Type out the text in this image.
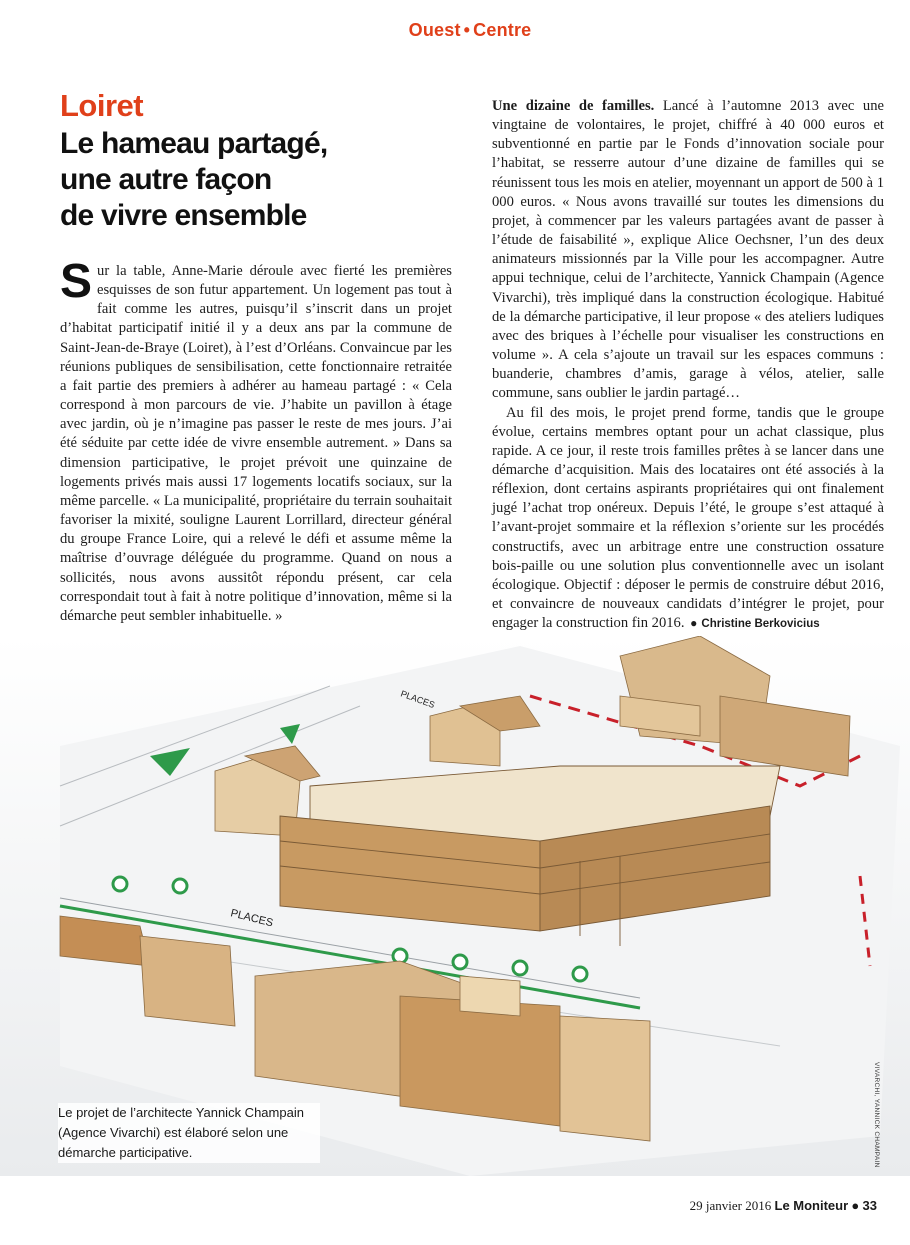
Ouest • Centre
Loiret
Le hameau partagé,
une autre façon
de vivre ensemble

Sur la table, Anne-Marie déroule avec fierté les premières esquisses de son futur appartement. Un logement pas tout à fait comme les autres, puisqu’il s’inscrit dans un projet d’habitat participatif initié il y a deux ans par la commune de Saint-Jean-de-Braye (Loiret), à l’est d’Orléans. Convaincue par les réunions publiques de sensibilisation, cette fonctionnaire retraitée a fait partie des premiers à adhérer au hameau partagé : « Cela correspond à mon parcours de vie. J’habite un pavillon à étage avec jardin, où je n’imagine pas passer le reste de mes jours. J’ai été séduite par cette idée de vivre ensemble autrement. » Dans sa dimension participative, le projet prévoit une quinzaine de logements privés mais aussi 17 logements locatifs sociaux, sur la même parcelle. « La municipalité, propriétaire du terrain souhaitait favoriser la mixité, souligne Laurent Lorrillard, directeur général du groupe France Loire, qui a relevé le défi et assume même la maîtrise d’ouvrage déléguée du programme. Quand on nous a sollicités, nous avons aussitôt répondu présent, car cela correspondait tout à fait à notre politique d’innovation, même si la démarche peut sembler inhabituelle. »

Une dizaine de familles. Lancé à l’automne 2013 avec une vingtaine de volontaires, le projet, chiffré à 40 000 euros et subventionné en partie par le Fonds d’innovation sociale pour l’habitat, se resserre autour d’une dizaine de familles qui se réunissent tous les mois en atelier, moyennant un apport de 500 à 1 000 euros. « Nous avons travaillé sur toutes les dimensions du projet, à commencer par les valeurs partagées avant de passer à l’étude de faisabilité », explique Alice Oechsner, l’un des deux animateurs missionnés par la Ville pour les accompagner. Autre appui technique, celui de l’architecte, Yannick Champain (Agence Vivarchi), très impliqué dans la construction écologique. Habitué de la démarche participative, il leur propose « des ateliers ludiques avec des briques à l’échelle pour visualiser les constructions en volume ». A cela s’ajoute un travail sur les espaces communs : buanderie, chambres d’amis, garage à vélos, atelier, salle commune, sans oublier le jardin partagé…

Au fil des mois, le projet prend forme, tandis que le groupe évolue, certains membres optant pour un achat classique, plus rapide. A ce jour, il reste trois familles prêtes à se lancer dans une démarche d’acquisition. Mais des locataires ont été associés à la réflexion, dont certains aspirants propriétaires qui ont finalement jugé l’achat trop onéreux. Depuis l’été, le groupe s’est attaqué à l’avant-projet sommaire et la réflexion s’oriente sur les procédés constructifs, avec un arbitrage entre une construction ossature bois-paille ou une solution plus conventionnelle avec un isolant écologique. Objectif : déposer le permis de construire début 2016, et convaincre de nouveaux candidats d’intégrer le projet, pour engager la construction fin 2016. ● Christine Berkovicius

PLACES
PLACES
Le projet de l’architecte Yannick Champain (Agence Vivarchi) est élaboré selon une démarche participative.	VIVARCHI, YANNICK CHAMPAIN
29 janvier 2016 Le Moniteur ● 33
